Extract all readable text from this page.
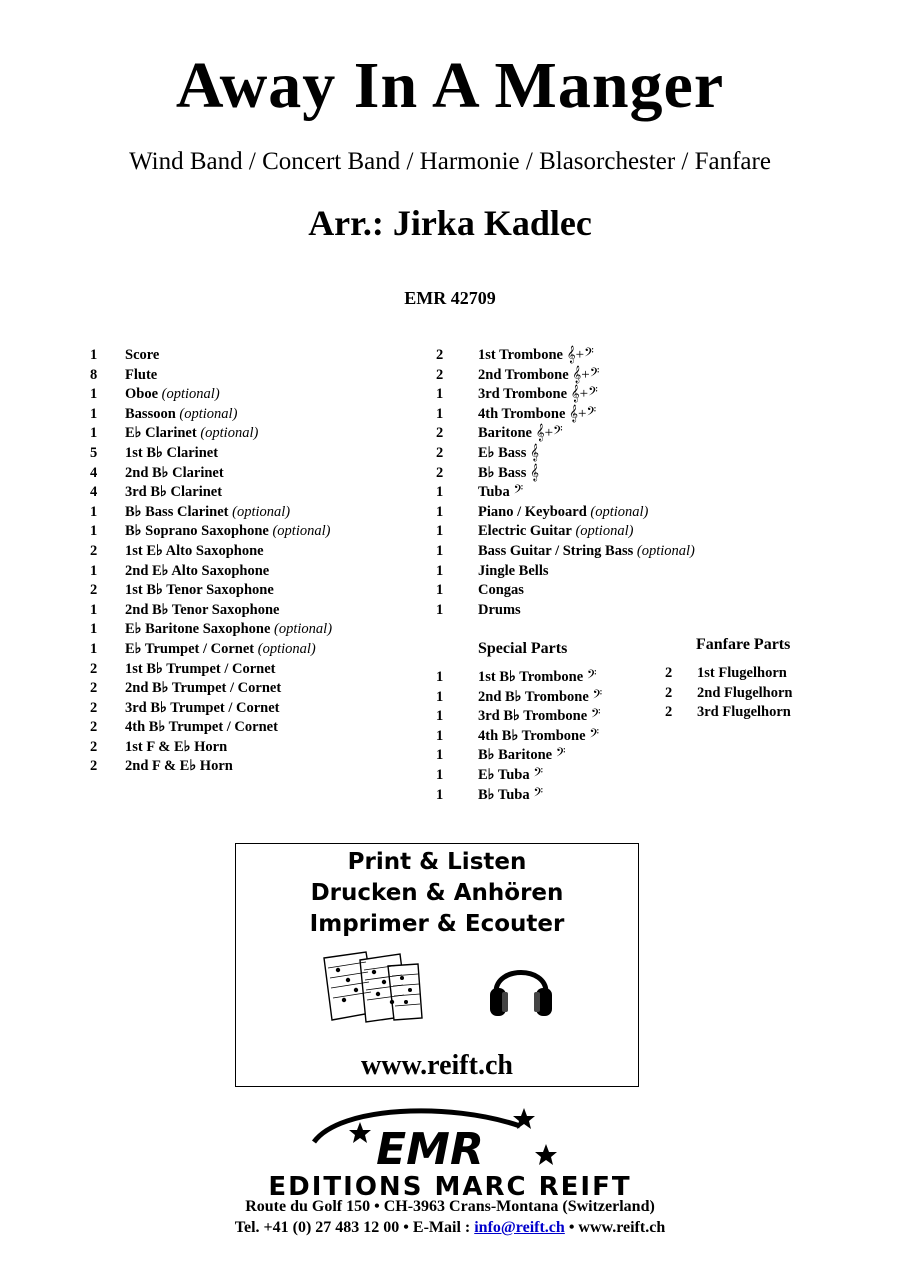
Away In A Manger
Wind Band / Concert Band / Harmonie / Blasorchester / Fanfare
Arr.: Jirka Kadlec
EMR 42709
1 Score
8 Flute
1 Oboe (optional)
1 Bassoon (optional)
1 E♭ Clarinet (optional)
5 1st B♭ Clarinet
4 2nd B♭ Clarinet
4 3rd B♭ Clarinet
1 B♭ Bass Clarinet (optional)
1 B♭ Soprano Saxophone (optional)
2 1st E♭ Alto Saxophone
1 2nd E♭ Alto Saxophone
2 1st B♭ Tenor Saxophone
1 2nd B♭ Tenor Saxophone
1 E♭ Baritone Saxophone (optional)
1 E♭ Trumpet / Cornet (optional)
2 1st B♭ Trumpet / Cornet
2 2nd B♭ Trumpet / Cornet
2 3rd B♭ Trumpet / Cornet
2 4th B♭ Trumpet / Cornet
2 1st F & E♭ Horn
2 2nd F & E♭ Horn
2 1st Trombone 𝄞+𝄢
2 2nd Trombone 𝄞+𝄢
1 3rd Trombone 𝄞+𝄢
1 4th Trombone 𝄞+𝄢
2 Baritone 𝄞+𝄢
2 E♭ Bass 𝄞
2 B♭ Bass 𝄞
1 Tuba 𝄢
1 Piano / Keyboard (optional)
1 Electric Guitar (optional)
1 Bass Guitar / String Bass (optional)
1 Jingle Bells
1 Congas
1 Drums
Special Parts
1 1st B♭ Trombone 𝄢
1 2nd B♭ Trombone 𝄢
1 3rd B♭ Trombone 𝄢
1 4th B♭ Trombone 𝄢
1 B♭ Baritone 𝄢
1 E♭ Tuba 𝄢
1 B♭ Tuba 𝄢
Fanfare Parts
2 1st Flugelhorn
2 2nd Flugelhorn
2 3rd Flugelhorn
Print & Listen
Drucken & Anhören
Imprimer & Ecouter
www.reift.ch
EMR
EDITIONS MARC REIFT
Route du Golf 150 • CH-3963 Crans-Montana (Switzerland)
Tel. +41 (0) 27 483 12 00 • E-Mail : info@reift.ch • www.reift.ch
